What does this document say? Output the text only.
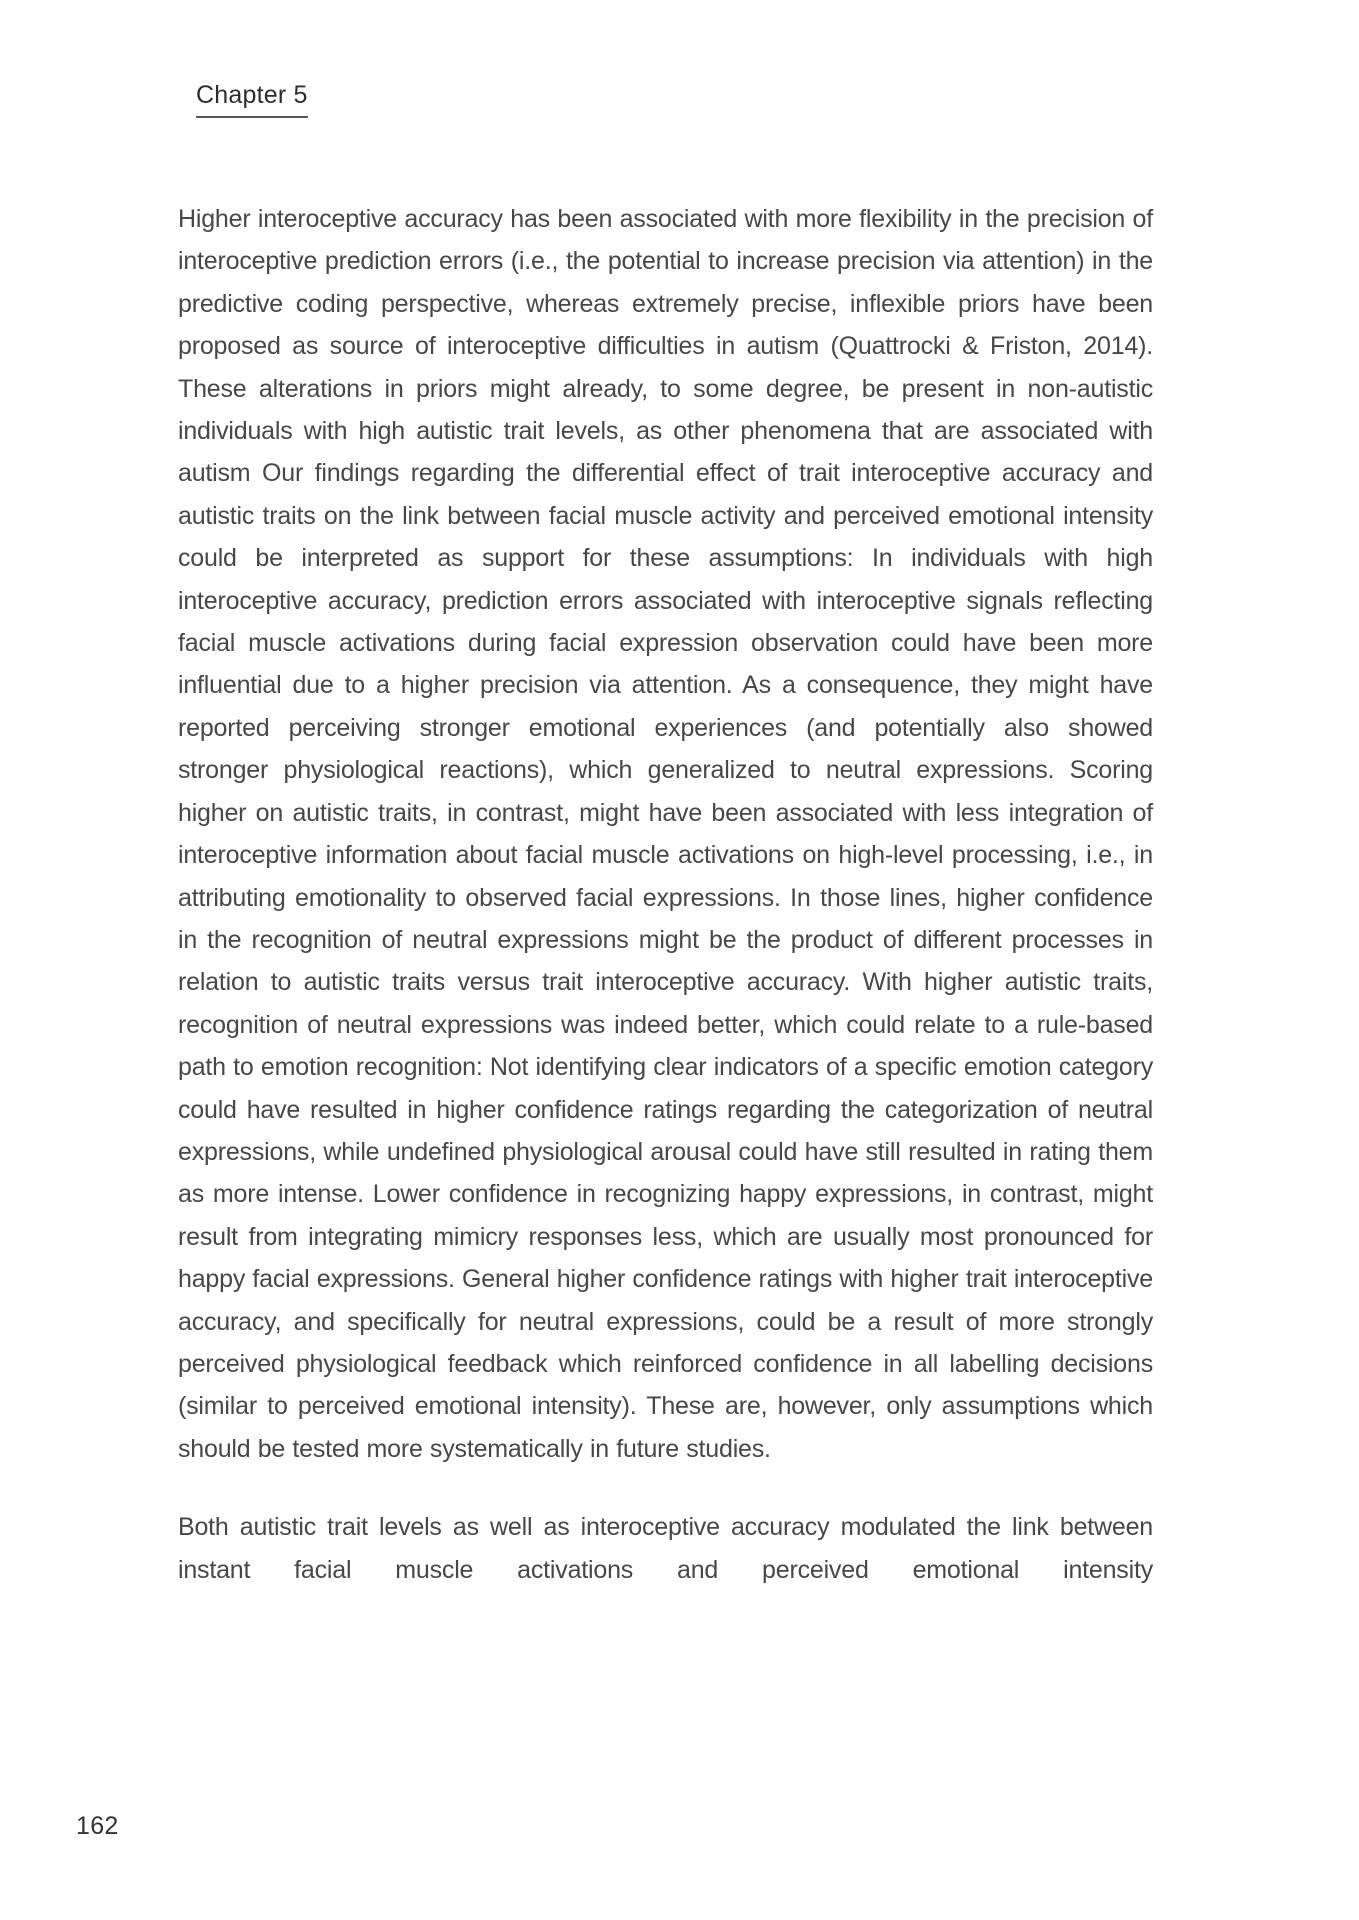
Chapter 5

Higher interoceptive accuracy has been associated with more flexibility in the precision of interoceptive prediction errors (i.e., the potential to increase precision via attention) in the predictive coding perspective, whereas extremely precise, inflexible priors have been proposed as source of interoceptive difficulties in autism (Quattrocki & Friston, 2014). These alterations in priors might already, to some degree, be present in non-autistic individuals with high autistic trait levels, as other phenomena that are associated with autism Our findings regarding the differential effect of trait interoceptive accuracy and autistic traits on the link between facial muscle activity and perceived emotional intensity could be interpreted as support for these assumptions: In individuals with high interoceptive accuracy, prediction errors associated with interoceptive signals reflecting facial muscle activations during facial expression observation could have been more influential due to a higher precision via attention. As a consequence, they might have reported perceiving stronger emotional experiences (and potentially also showed stronger physiological reactions), which generalized to neutral expressions. Scoring higher on autistic traits, in contrast, might have been associated with less integration of interoceptive information about facial muscle activations on high-level processing, i.e., in attributing emotionality to observed facial expressions. In those lines, higher confidence in the recognition of neutral expressions might be the product of different processes in relation to autistic traits versus trait interoceptive accuracy. With higher autistic traits, recognition of neutral expressions was indeed better, which could relate to a rule-based path to emotion recognition: Not identifying clear indicators of a specific emotion category could have resulted in higher confidence ratings regarding the categorization of neutral expressions, while undefined physiological arousal could have still resulted in rating them as more intense. Lower confidence in recognizing happy expressions, in contrast, might result from integrating mimicry responses less, which are usually most pronounced for happy facial expressions. General higher confidence ratings with higher trait interoceptive accuracy, and specifically for neutral expressions, could be a result of more strongly perceived physiological feedback which reinforced confidence in all labelling decisions (similar to perceived emotional intensity). These are, however, only assumptions which should be tested more systematically in future studies.

Both autistic trait levels as well as interoceptive accuracy modulated the link between instant facial muscle activations and perceived emotional intensity

162
